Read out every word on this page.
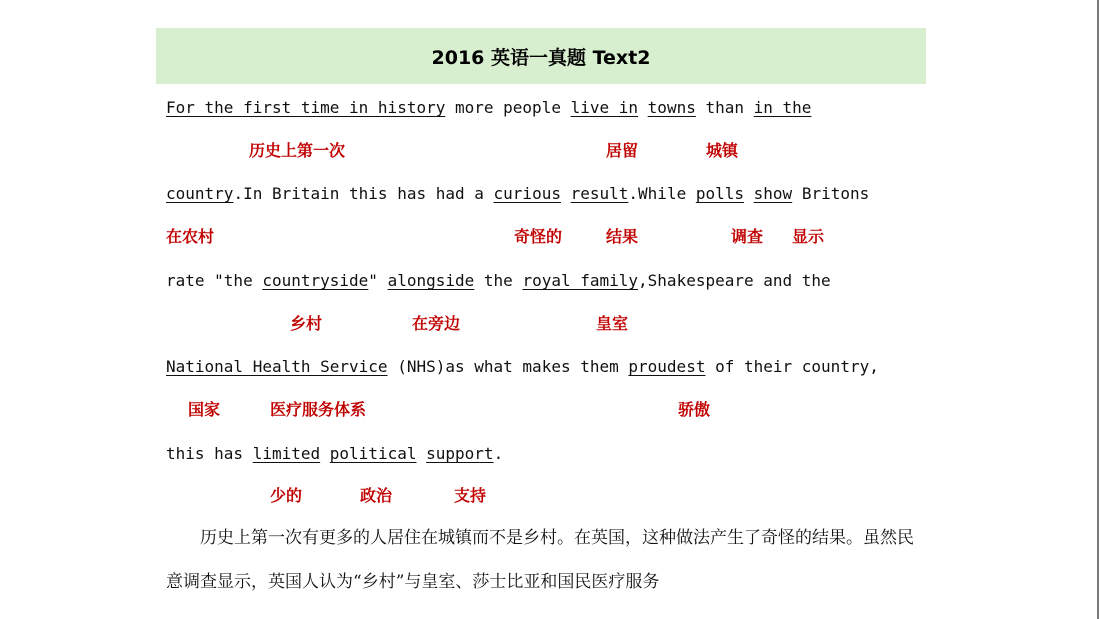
2016 英语一真题 Text2
For the first time in history more people live in towns than in the
历史上第一次	居留	城镇
country.In Britain this has had a curious result.While polls show Britons
在农村	奇怪的	结果	调查 显示
rate "the countryside" alongside the royal family,Shakespeare and the
乡村	在旁边	皇室
National Health Service (NHS)as what makes them proudest of their country,
国家	医疗服务体系	骄傲
this has limited political support.
少的	政治	支持
历史上第一次有更多的人居住在城镇而不是乡村。在英国，这种做法产生了奇怪的结果。虽然民意调查显示，英国人认为“乡村”与皇室、莎士比亚和国民医疗服务
